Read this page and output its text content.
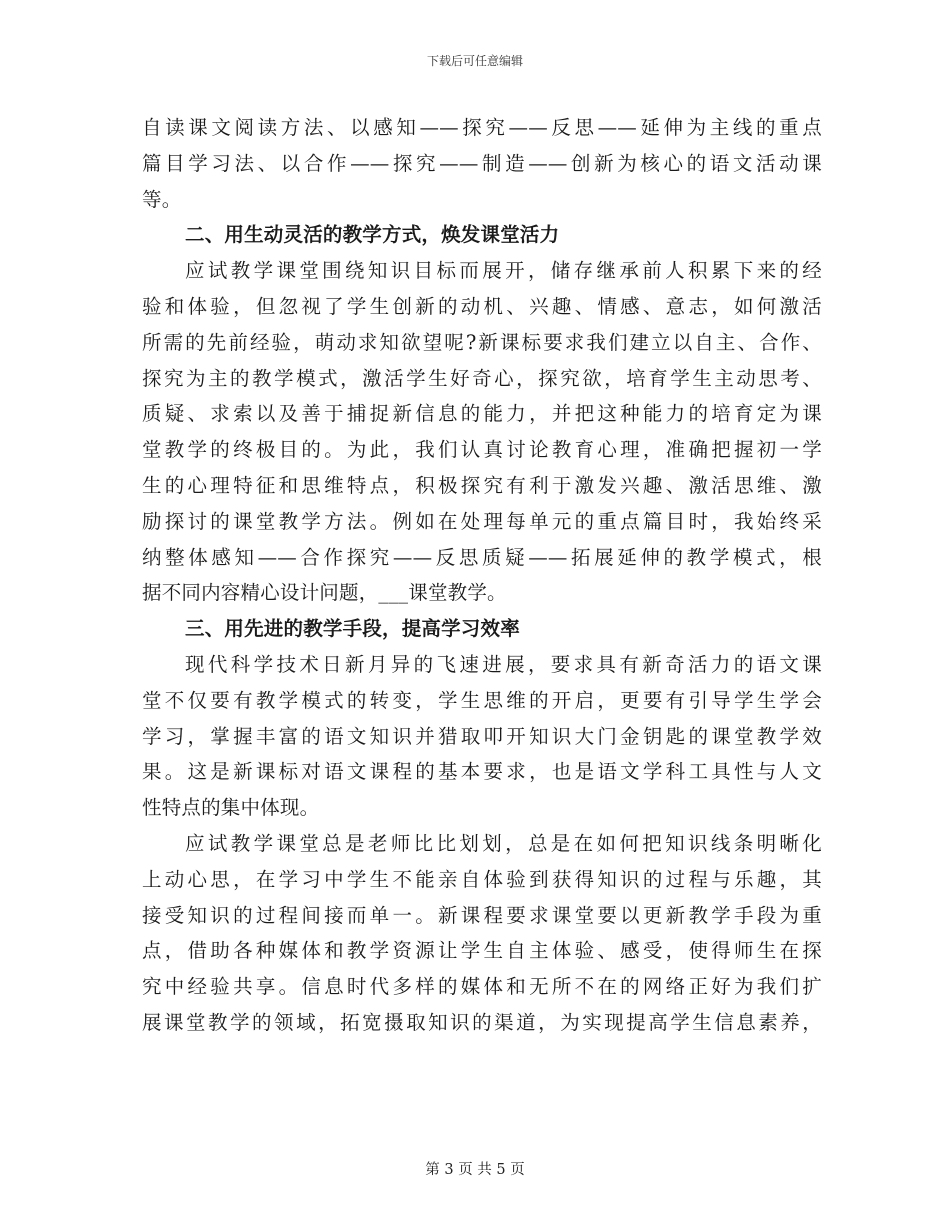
下载后可任意编辑
自读课文阅读方法、以感知——探究——反思——延伸为主线的重点
篇目学习法、以合作——探究——制造——创新为核心的语文活动课
等。
二、用生动灵活的教学方式，焕发课堂活力
应试教学课堂围绕知识目标而展开，储存继承前人积累下来的经
验和体验，但忽视了学生创新的动机、兴趣、情感、意志，如何激活
所需的先前经验，萌动求知欲望呢?新课标要求我们建立以自主、合作、
探究为主的教学模式，激活学生好奇心，探究欲，培育学生主动思考、
质疑、求索以及善于捕捉新信息的能力，并把这种能力的培育定为课
堂教学的终极目的。为此，我们认真讨论教育心理，准确把握初一学
生的心理特征和思维特点，积极探究有利于激发兴趣、激活思维、激
励探讨的课堂教学方法。例如在处理每单元的重点篇目时，我始终采
纳整体感知——合作探究——反思质疑——拓展延伸的教学模式，根
据不同内容精心设计问题，___课堂教学。
三、用先进的教学手段，提高学习效率
现代科学技术日新月异的飞速进展，要求具有新奇活力的语文课
堂不仅要有教学模式的转变，学生思维的开启，更要有引导学生学会
学习，掌握丰富的语文知识并猎取叩开知识大门金钥匙的课堂教学效
果。这是新课标对语文课程的基本要求，也是语文学科工具性与人文
性特点的集中体现。
应试教学课堂总是老师比比划划，总是在如何把知识线条明晰化
上动心思，在学习中学生不能亲自体验到获得知识的过程与乐趣，其
接受知识的过程间接而单一。新课程要求课堂要以更新教学手段为重
点，借助各种媒体和教学资源让学生自主体验、感受，使得师生在探
究中经验共享。信息时代多样的媒体和无所不在的网络正好为我们扩
展课堂教学的领域，拓宽摄取知识的渠道，为实现提高学生信息素养，
第 3 页 共 5 页
